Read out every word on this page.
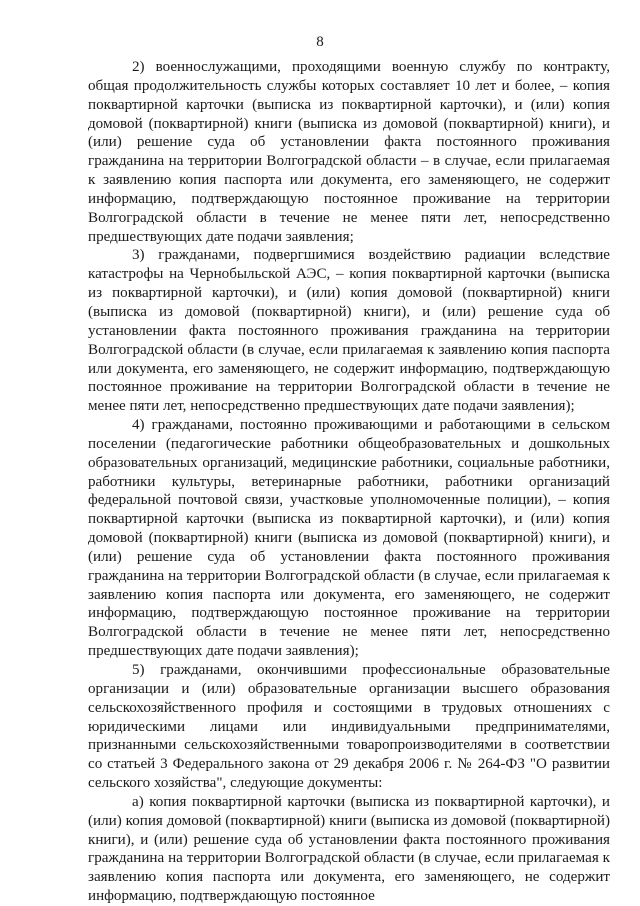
8

2) военнослужащими, проходящими военную службу по контракту, общая продолжительность службы которых составляет 10 лет и более, – копия поквартирной карточки (выписка из поквартирной карточки), и (или) копия домовой (поквартирной) книги (выписка из домовой (поквартирной) книги), и (или) решение суда об установлении факта постоянного проживания гражданина на территории Волгоградской области – в случае, если прилагаемая к заявлению копия паспорта или документа, его заменяющего, не содержит информацию, подтверждающую постоянное проживание на территории Волгоградской области в течение не менее пяти лет, непосредственно предшествующих дате подачи заявления;

3) гражданами, подвергшимися воздействию радиации вследствие катастрофы на Чернобыльской АЭС, – копия поквартирной карточки (выписка из поквартирной карточки), и (или) копия домовой (поквартирной) книги (выписка из домовой (поквартирной) книги), и (или) решение суда об установлении факта постоянного проживания гражданина на территории Волгоградской области (в случае, если прилагаемая к заявлению копия паспорта или документа, его заменяющего, не содержит информацию, подтверждающую постоянное проживание на территории Волгоградской области в течение не менее пяти лет, непосредственно предшествующих дате подачи заявления);

4) гражданами, постоянно проживающими и работающими в сельском поселении (педагогические работники общеобразовательных и дошкольных образовательных организаций, медицинские работники, социальные работники, работники культуры, ветеринарные работники, работники организаций федеральной почтовой связи, участковые уполномоченные полиции), – копия поквартирной карточки (выписка из поквартирной карточки), и (или) копия домовой (поквартирной) книги (выписка из домовой (поквартирной) книги), и (или) решение суда об установлении факта постоянного проживания гражданина на территории Волгоградской области (в случае, если прилагаемая к заявлению копия паспорта или документа, его заменяющего, не содержит информацию, подтверждающую постоянное проживание на территории Волгоградской области в течение не менее пяти лет, непосредственно предшествующих дате подачи заявления);

5) гражданами, окончившими профессиональные образовательные организации и (или) образовательные организации высшего образования сельскохозяйственного профиля и состоящими в трудовых отношениях с юридическими лицами или индивидуальными предпринимателями, признанными сельскохозяйственными товаропроизводителями в соответствии со статьей 3 Федерального закона от 29 декабря 2006 г. № 264-ФЗ "О развитии сельского хозяйства", следующие документы:

а) копия поквартирной карточки (выписка из поквартирной карточки), и (или) копия домовой (поквартирной) книги (выписка из домовой (поквартирной) книги), и (или) решение суда об установлении факта постоянного проживания гражданина на территории Волгоградской области (в случае, если прилагаемая к заявлению копия паспорта или документа, его заменяющего, не содержит информацию, подтверждающую постоянное
